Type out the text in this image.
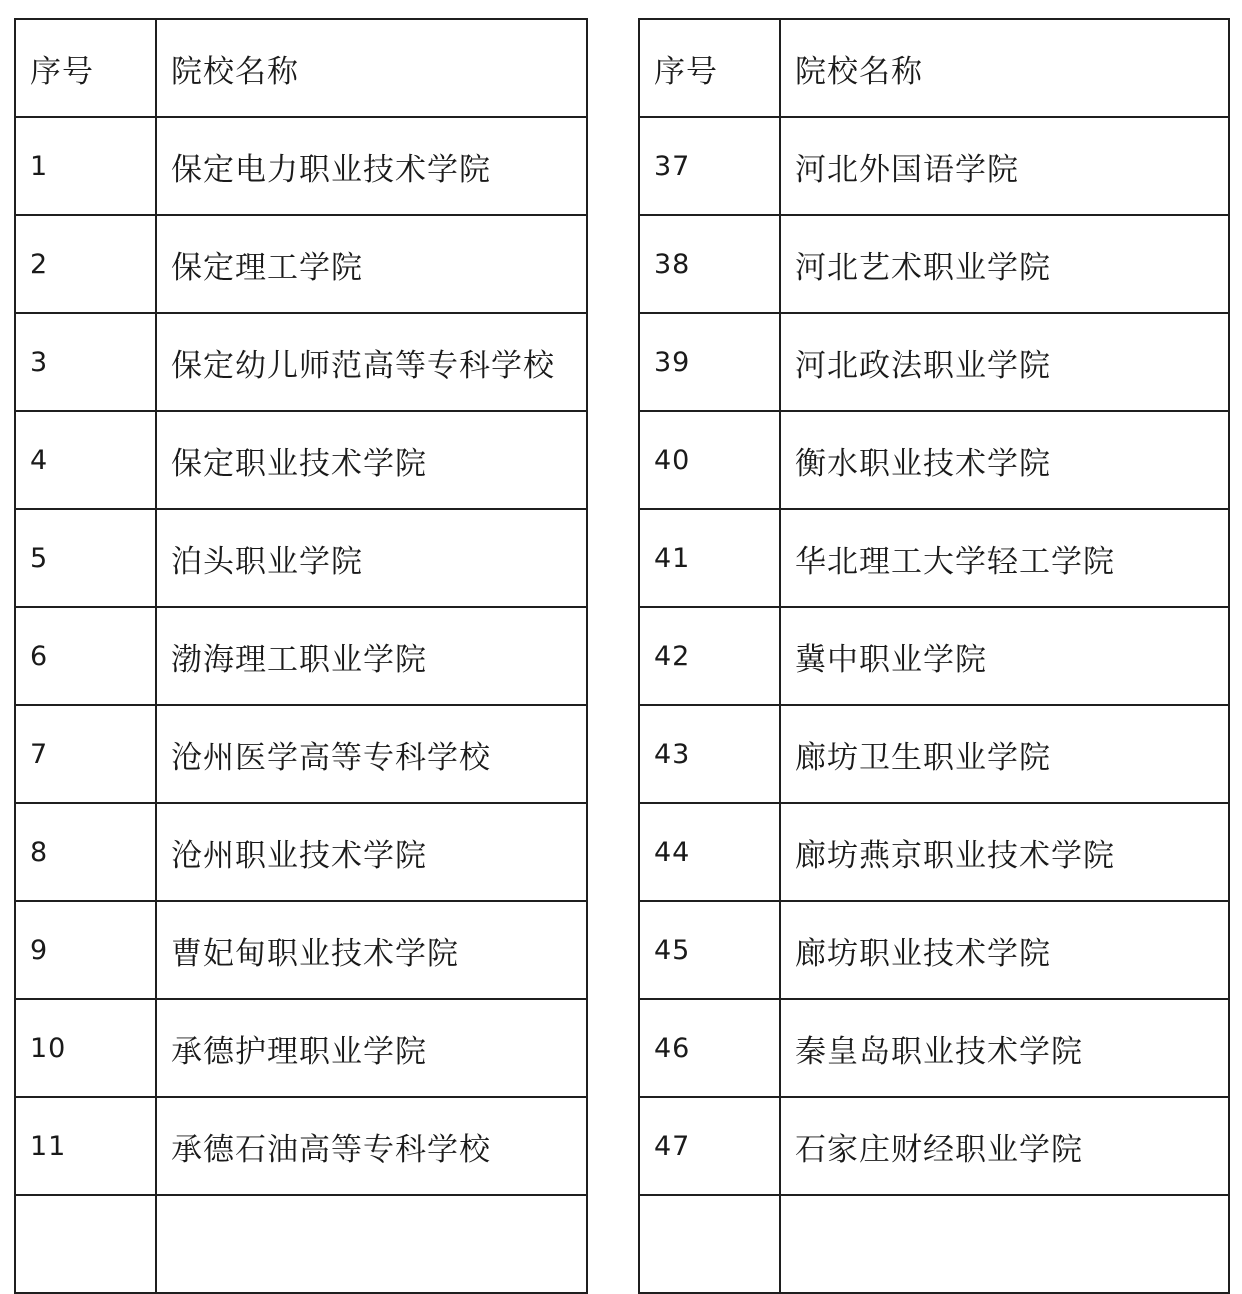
序号	院校名称
1	保定电力职业技术学院
2	保定理工学院
3	保定幼儿师范高等专科学校
4	保定职业技术学院
5	泊头职业学院
6	渤海理工职业学院
7	沧州医学高等专科学校
8	沧州职业技术学院
9	曹妃甸职业技术学院
10	承德护理职业学院
11	承德石油高等专科学校

序号	院校名称
37	河北外国语学院
38	河北艺术职业学院
39	河北政法职业学院
40	衡水职业技术学院
41	华北理工大学轻工学院
42	冀中职业学院
43	廊坊卫生职业学院
44	廊坊燕京职业技术学院
45	廊坊职业技术学院
46	秦皇岛职业技术学院
47	石家庄财经职业学院
